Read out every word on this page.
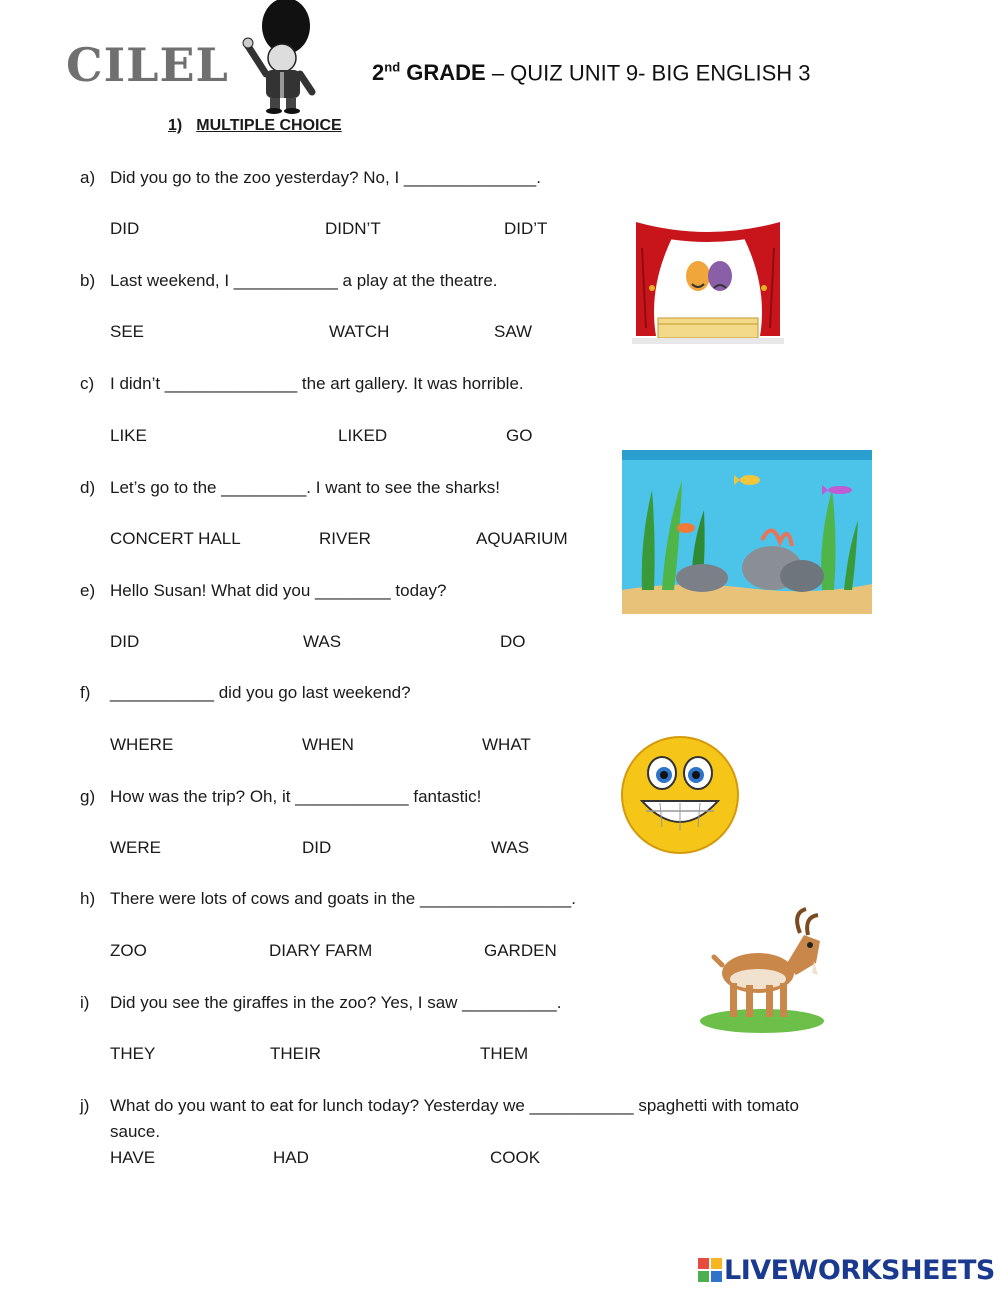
CILEL	2nd GRADE – QUIZ UNIT 9- BIG ENGLISH 3
1) MULTIPLE CHOICE
a) Did you go to the zoo yesterday? No, I ______________.
DID	DIDN’T	DID’T
b) Last weekend, I ___________ a play at the theatre.
SEE	WATCH	SAW
c) I didn’t ______________ the art gallery. It was horrible.
LIKE	LIKED	GO
d) Let’s go to the _________. I want to see the sharks!
CONCERT HALL	RIVER	AQUARIUM
e) Hello Susan! What did you ________ today?
DID	WAS	DO
f) ___________ did you go last weekend?
WHERE	WHEN	WHAT
g) How was the trip? Oh, it ____________ fantastic!
WERE	DID	WAS
h) There were lots of cows and goats in the ________________.
ZOO	DIARY FARM	GARDEN
i) Did you see the giraffes in the zoo? Yes, I saw __________.
THEY	THEIR	THEM
j) What do you want to eat for lunch today? Yesterday we ___________ spaghetti with tomato
sauce.
HAVE	HAD	COOK
LIVEWORKSHEETS
